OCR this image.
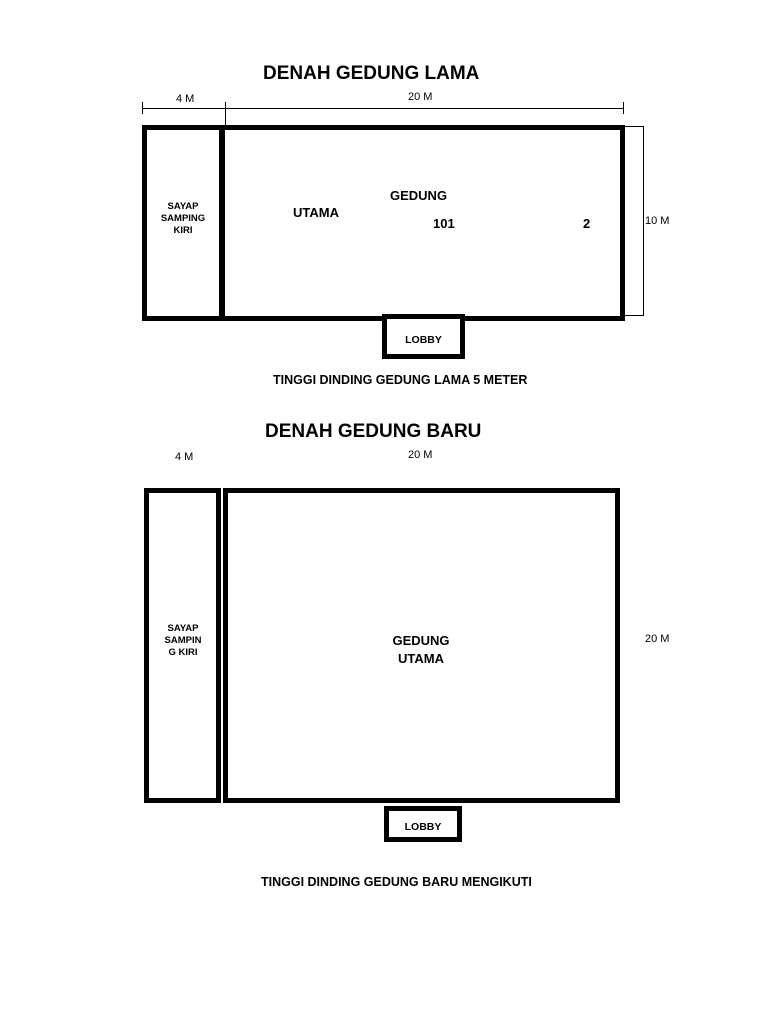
DENAH GEDUNG LAMA
4 M	20 M
10 M
SAYAP
SAMPING
KIRI
UTAMA
GEDUNG
101	2
LOBBY
TINGGI DINDING GEDUNG LAMA 5 METER
DENAH GEDUNG BARU
4 M	20 M
20 M
SAYAP
SAMPIN
G KIRI
GEDUNG
UTAMA
LOBBY
TINGGI DINDING GEDUNG BARU MENGIKUTI
